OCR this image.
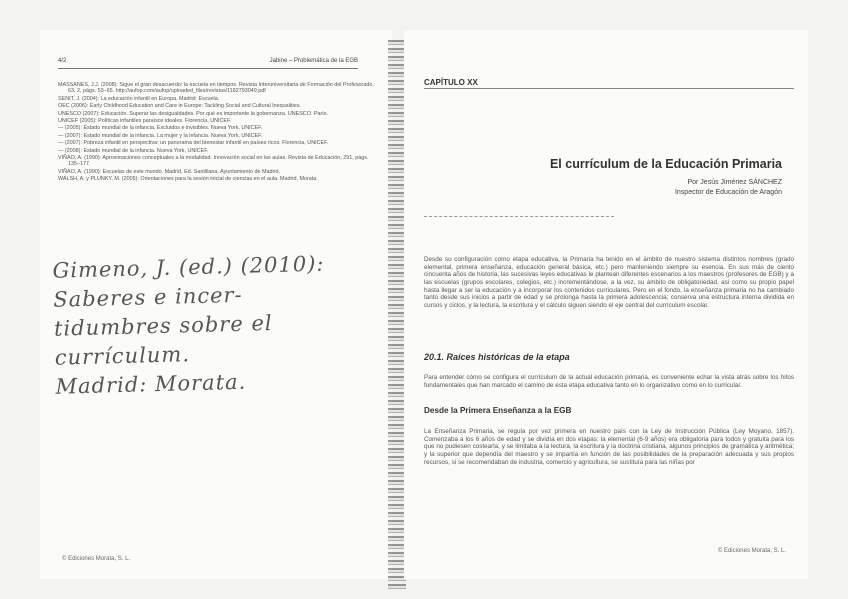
4/2	Jabine – Problemática de la EGB
MASSANES, J.J. (2008): Sigue el gran desacuerdo: la escuela en tiempos. Revista Interuniversitaria de Formación del Profesorado, 63, 2, págs. 53–65. http://aufop.com/aufop/uploaded_files/revistas/1182793049.pdf
SENIT, J. (2004): La educación infantil en Europa. Madrid: Escuela.
OEC (2006): Early Childhood Education and Care in Europe: Tackling Social and Cultural Inequalities.
UNESCO (2007): Educación. Superar las desigualdades. Por qué es importante la gobernanza. UNESCO. París.
UNICEF (2005): Políticas infantiles paraísos ideales. Florencia, UNICEF.
— (2005): Estado mundial de la infancia. Excluidos e invisibles. Nueva York, UNICEF.
— (2007): Estado mundial de la infancia. La mujer y la infancia. Nueva York, UNICEF.
— (2007): Pobreza infantil en perspectiva: un panorama del bienestar infantil en países ricos. Florencia, UNICEF.
— (2008): Estado mundial de la infancia. Nueva York, UNICEF.
VIÑAO, A. (1990): Aproximaciones conceptuales a la modalidad. Innovación social en las aulas. Revista de Educación, 291, págs. 135–177.
VIÑAO, A. (1990): Escuelas de este mundo. Madrid, Ed. Santillana. Ayuntamiento de Madrid.
WALSH, A. y PLUNKY, M. (2005): Orientaciones para la sesión inicial de ciencias en el aula. Madrid, Morata.
Gimeno, J. (ed.) (2010): Saberes e incer-
tidumbres sobre el currículum.
Madrid: Morata.
© Ediciones Morata, S. L.
CAPÍTULO XX
El currículum de la Educación Primaria
Por Jesús Jiménez SÁNCHEZ
Inspector de Educación de Aragón

Desde su configuración como etapa educativa, la Primaria ha tenido en el ámbito de nuestro sistema distintos nombres (grado elemental, primera enseñanza, educación general básica, etc.) pero manteniendo siempre su esencia. En sus más de ciento cincuenta años de historia, las sucesivas leyes educativas le plantean diferentes escenarios a los maestros (profesores de EGB) y a las escuelas (grupos escolares, colegios, etc.) incrementándose, a la vez, su ámbito de obligatoriedad, así como su propio papel hasta llegar a ser la educación y a incorporar los contenidos curriculares. Pero en el fondo, la enseñanza primaria no ha cambiado tanto desde sus inicios a partir de edad y se prolonga hasta la primera adolescencia; conserva una estructura interna dividida en cursos y ciclos, y la lectura, la escritura y el cálculo siguen siendo el eje central del currículum escolar.

20.1. Raíces históricas de la etapa

Para entender cómo se configura el currículum de la actual educación primaria, es conveniente echar la vista atrás sobre los hitos fundamentales que han marcado el camino de esta etapa educativa tanto en lo organizativo como en lo curricular.

Desde la Primera Enseñanza a la EGB

La Enseñanza Primaria, se regula por vez primera en nuestro país con la Ley de Instrucción Pública (Ley Moyano, 1857). Comenzaba a los 6 años de edad y se dividía en dos etapas: la elemental (6-9 años) era obligatoria para todos y gratuita para los que no pudiesen costearla, y se limitaba a la lectura, la escritura y la doctrina cristiana, algunos principios de gramática y aritmética; y la superior que dependía del maestro y se impartía en función de las posibilidades de la preparación adecuada y sus propios recursos, si se recomendaban de industria, comercio y agricultura, se sustituía para las niñas por

© Ediciones Morata, S. L.
